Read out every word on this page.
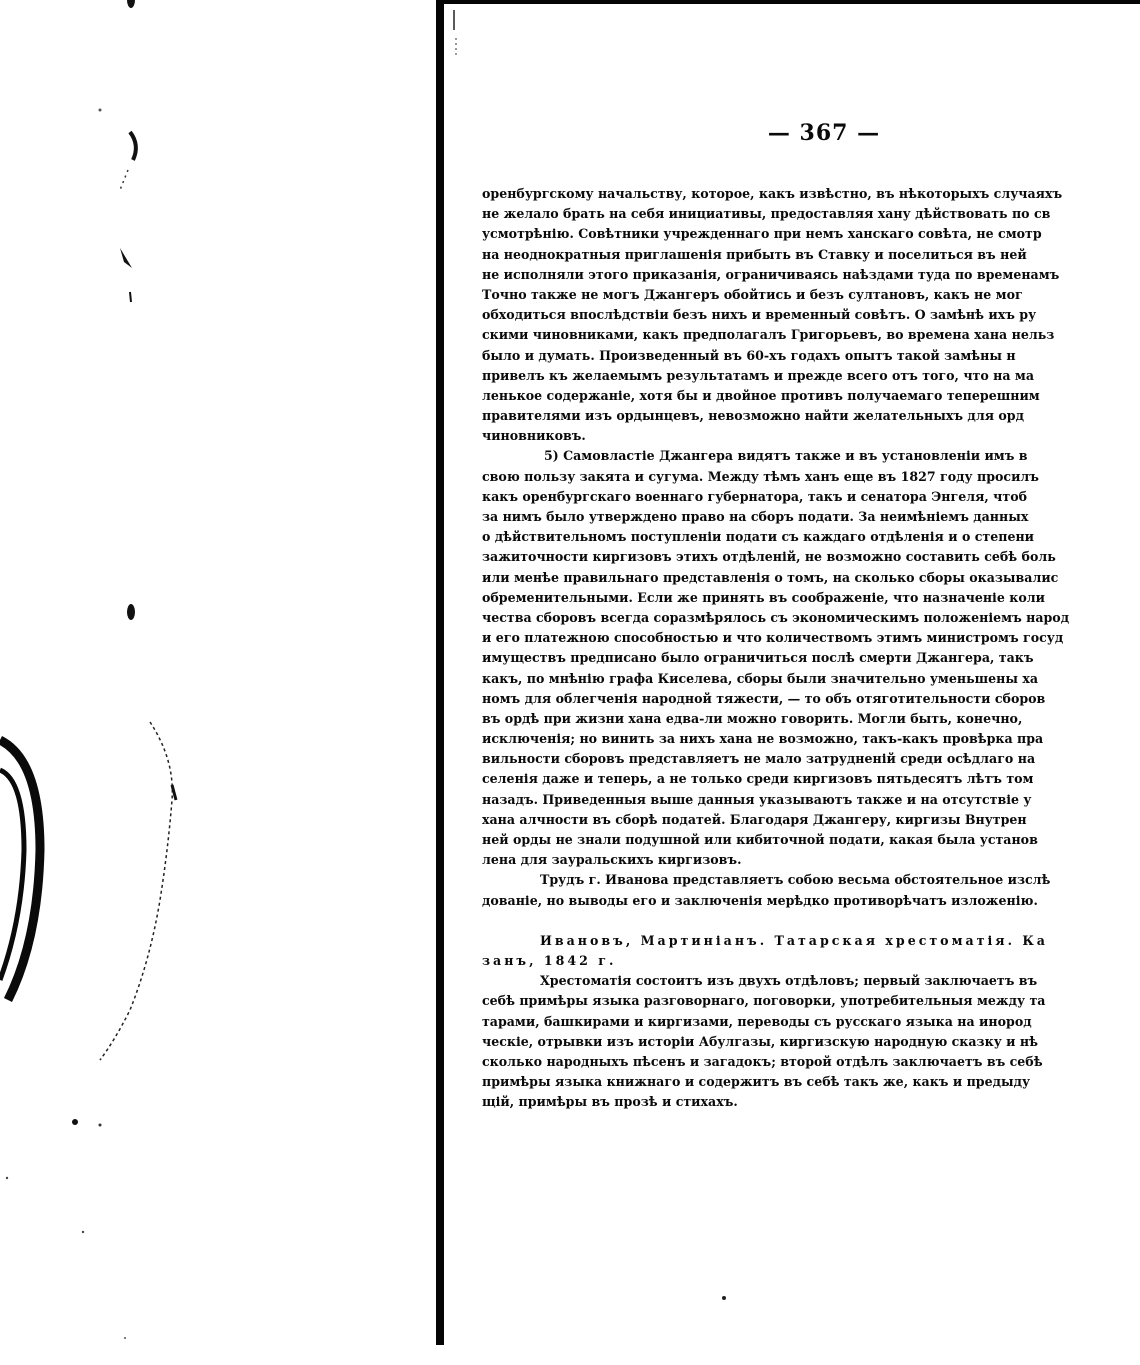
— 367 —
оренбургскому начальству, которое, какъ извѣстно, въ нѣкоторыхъ случаяхъ
не желало брать на себя инициативы, предоставляя хану дѣйствовать по св
усмотрѣнію. Совѣтники учрежденнаго при немъ ханскаго совѣта, не смотр
на неоднократныя приглашенія прибыть въ Ставку и поселиться въ ней
не исполняли этого приказанія, ограничиваясь наѣздами туда по временамъ
Точно также не могъ Джангеръ обойтись и безъ султановъ, какъ не мог
обходиться впослѣдствіи безъ нихъ и временный совѣтъ. О замѣнѣ ихъ ру
скими чиновниками, какъ предполагалъ Григорьевъ, во времена хана нельз
было и думать. Произведенный въ 60-хъ годахъ опытъ такой замѣны н
привелъ къ желаемымъ результатамъ и прежде всего отъ того, что на ма
ленькое содержаніе, хотя бы и двойное противъ получаемаго теперешним
правителями изъ ордынцевъ, невозможно найти желательныхъ для орд
чиновниковъ.
5) Самовластіе Джангера видятъ также и въ установленіи имъ в
свою пользу закята и сугума. Между тѣмъ ханъ еще въ 1827 году просилъ
какъ оренбургскаго военнаго губернатора, такъ и сенатора Энгеля, чтоб
за нимъ было утверждено право на сборъ подати. За неимѣніемъ данных
о дѣйствительномъ поступленіи подати съ каждаго отдѣленія и о степени
зажиточности киргизовъ этихъ отдѣленій, не возможно составить себѣ боль
или менѣе правильнаго представленія о томъ, на сколько сборы оказывалис
обременительными. Если же принять въ соображеніе, что назначеніе коли
чества сборовъ всегда соразмѣрялось съ экономическимъ положеніемъ народ
и его платежною способностью и что количествомъ этимъ министромъ госуд
имуществъ предписано было ограничиться послѣ смерти Джангера, такъ
какъ, по мнѣнію графа Киселева, сборы были значительно уменьшены ха
номъ для облегченія народной тяжести, — то объ отяготительности сборов
въ ордѣ при жизни хана едва-ли можно говорить. Могли быть, конечно,
исключенія; но винить за нихъ хана не возможно, такъ-какъ провѣрка пра
вильности сборовъ представляетъ не мало затрудненій среди осѣдлаго на
селенія даже и теперь, а не только среди киргизовъ пятьдесятъ лѣтъ том
назадъ. Приведенныя выше данныя указываютъ также и на отсутствіе у
хана алчности въ сборѣ податей. Благодаря Джангеру, киргизы Внутрен
ней орды не знали подушной или кибиточной подати, какая была установ
лена для зауральскихъ киргизовъ.
Трудъ г. Иванова представляетъ собою весьма обстоятельное изслѣ
дованіе, но выводы его и заключенія мерѣдко противорѣчатъ изложенію.
Ивановъ, Мартиніанъ. Татарская хрестоматія. Ка
занъ, 1842 г.
Хрестоматія состоитъ изъ двухъ отдѣловъ; первый заключаетъ въ
себѣ примѣры языка разговорнаго, поговорки, употребительныя между та
тарами, башкирами и киргизами, переводы съ русскаго языка на инород
ческіе, отрывки изъ исторіи Абулгазы, киргизскую народную сказку и нѣ
сколько народныхъ пѣсенъ и загадокъ; второй отдѣлъ заключаетъ въ себѣ
примѣры языка книжнаго и содержитъ въ себѣ такъ же, какъ и предыду
щій, примѣры въ прозѣ и стихахъ.
